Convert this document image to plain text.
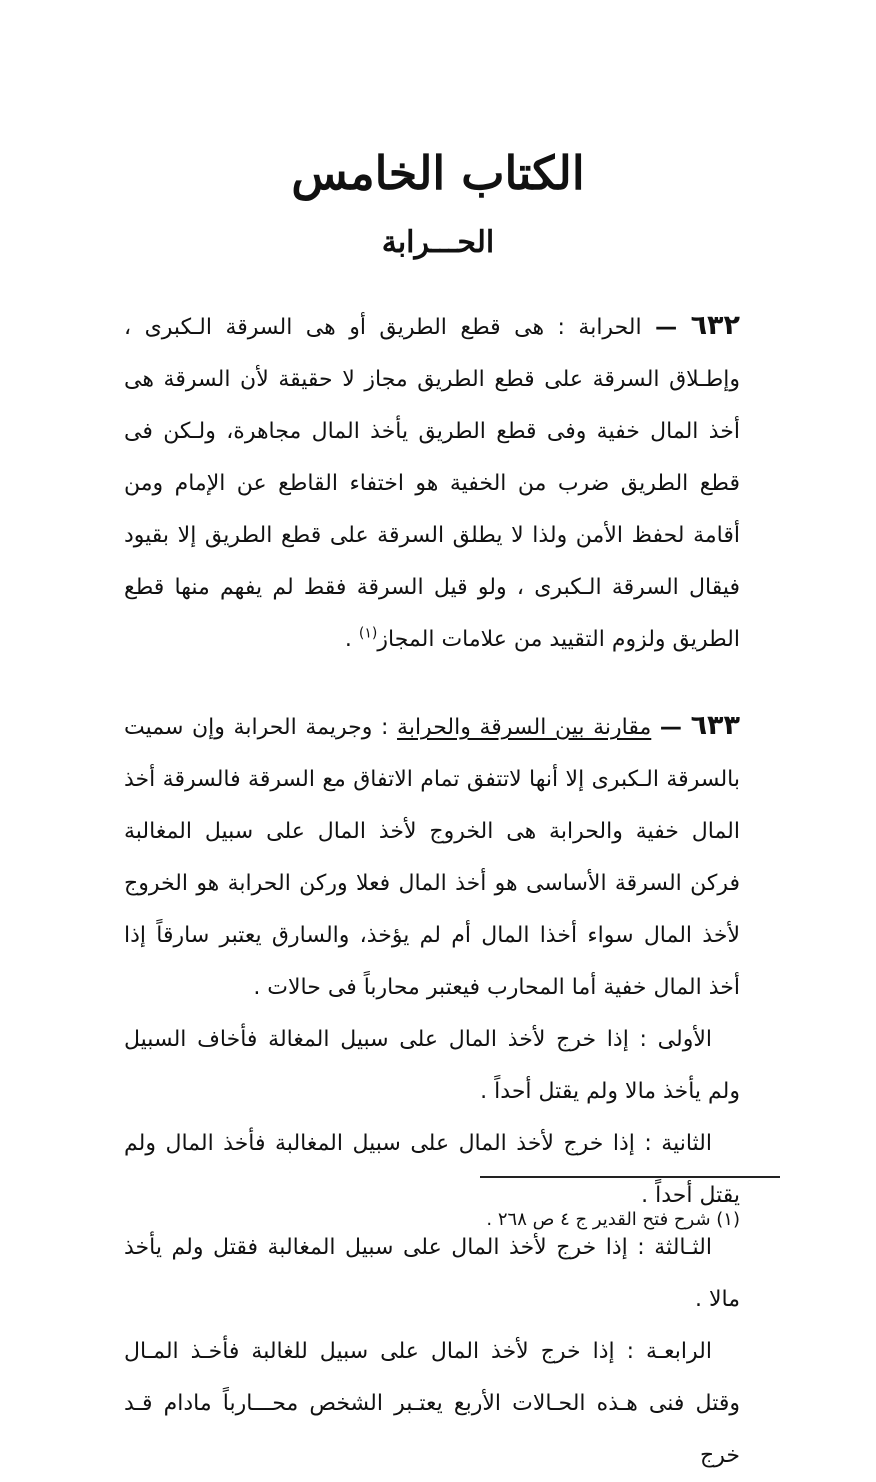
الكتاب الخامس
الحـــرابة

٦٣٢ — الحرابة : هى قطع الطريق أو هى السرقة الـكبرى ، وإطـلاق السرقة على قطع الطريق مجاز لا حقيقة لأن السرقة هى أخذ المال خفية وفى قطع الطريق يأخذ المال مجاهرة، ولـكن فى قطع الطريق ضرب من الخفية هو اختفاء القاطع عن الإمام ومن أقامة لحفظ الأمن ولذا لا يطلق السرقة على قطع الطريق إلا بقيود فيقال السرقة الـكبرى ، ولو قيل السرقة فقط لم يفهم منها قطع الطريق ولزوم التقييد من علامات المجاز$^{(١)}$ .

٦٣٣ — مقارنة بين السرقة والحرابة : وجريمة الحرابة وإن سميت بالسرقة الـكبرى إلا أنها لاتتفق تمام الاتفاق مع السرقة فالسرقة أخذ المال خفية والحرابة هى الخروج لأخذ المال على سبيل المغالبة فركن السرقة الأساسى هو أخذ المال فعلا وركن الحرابة هو الخروج لأخذ المال سواء أخذا المال أم لم يؤخذ، والسارق يعتبر سارقاً إذا أخذ المال خفية أما المحارب فيعتبر محارباً فى حالات .

الأولى : إذا خرج لأخذ المال على سبيل المغالة فأخاف السبيل ولم يأخذ مالا ولم يقتل أحداً .

الثانية : إذا خرج لأخذ المال على سبيل المغالبة فأخذ المال ولم يقتل أحداً .

الثـالثة : إذا خرج لأخذ المال على سبيل المغالبة فقتل ولم يأخذ مالا .

الرابعـة : إذا خرج لأخذ المال على سبيل للغالبة فأخـذ المـال وقتل فنى هـذه الحـالات الأربع يعتـبر الشخص محـــارباً مادام قـد خرج

(١) شرح فتح القدير ج ٤ ص ٢٦٨ .
